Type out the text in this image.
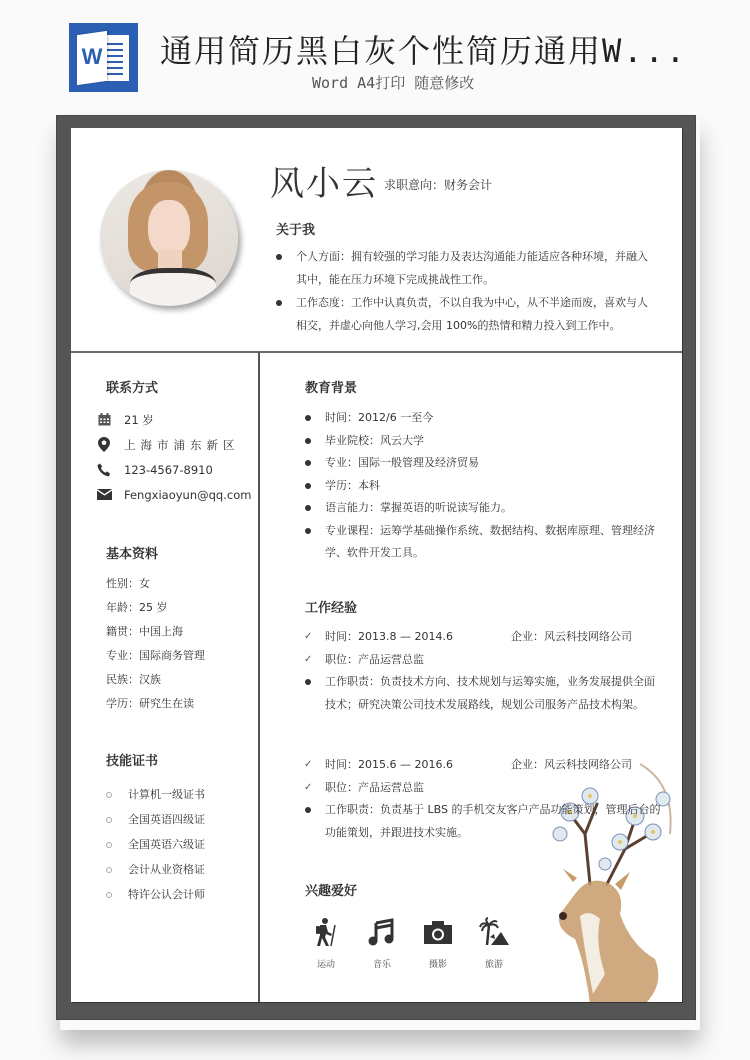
W 通用简历黑白灰个性简历通用W...
Word A4打印 随意修改
风小云 求职意向：财务会计
关于我
个人方面：拥有较强的学习能力及表达沟通能力能适应各种环境，并融入其中，能在压力环境下完成挑战性工作。
工作态度：工作中认真负责，不以自我为中心，从不半途而废，喜欢与人相交，并虚心向他人学习,会用 100%的热情和精力投入到工作中。
联系方式
21 岁
上海市浦东新区
123-4567-8910
Fengxiaoyun@qq.com
基本资料
性别：女
年龄：25 岁
籍贯：中国上海
专业：国际商务管理
民族：汉族
学历：研究生在读
技能证书
计算机一级证书
全国英语四级证
全国英语六级证
会计从业资格证
特许公认会计师
教育背景
时间：2012/6 一至今
毕业院校：风云大学
专业：国际一般管理及经济贸易
学历：本科
语言能力：掌握英语的听说读写能力。
专业课程：运筹学基础操作系统、数据结构、数据库原理、管理经济学、软件开发工具。
工作经验
✓ 时间：2013.8 — 2014.6	企业：风云科技网络公司
✓ 职位：产品运营总监
工作职责：负责技术方向、技术规划与运筹实施，业务发展提供全面技术；研究决策公司技术发展路线，规划公司服务产品技术构架。
✓ 时间：2015.6 — 2016.6	企业：风云科技网络公司
✓ 职位：产品运营总监
工作职责：负责基于 LBS 的手机交友客户产品功能策划，管理后台的功能策划，并跟进技术实施。
兴趣爱好
运动	音乐	摄影	旅游
